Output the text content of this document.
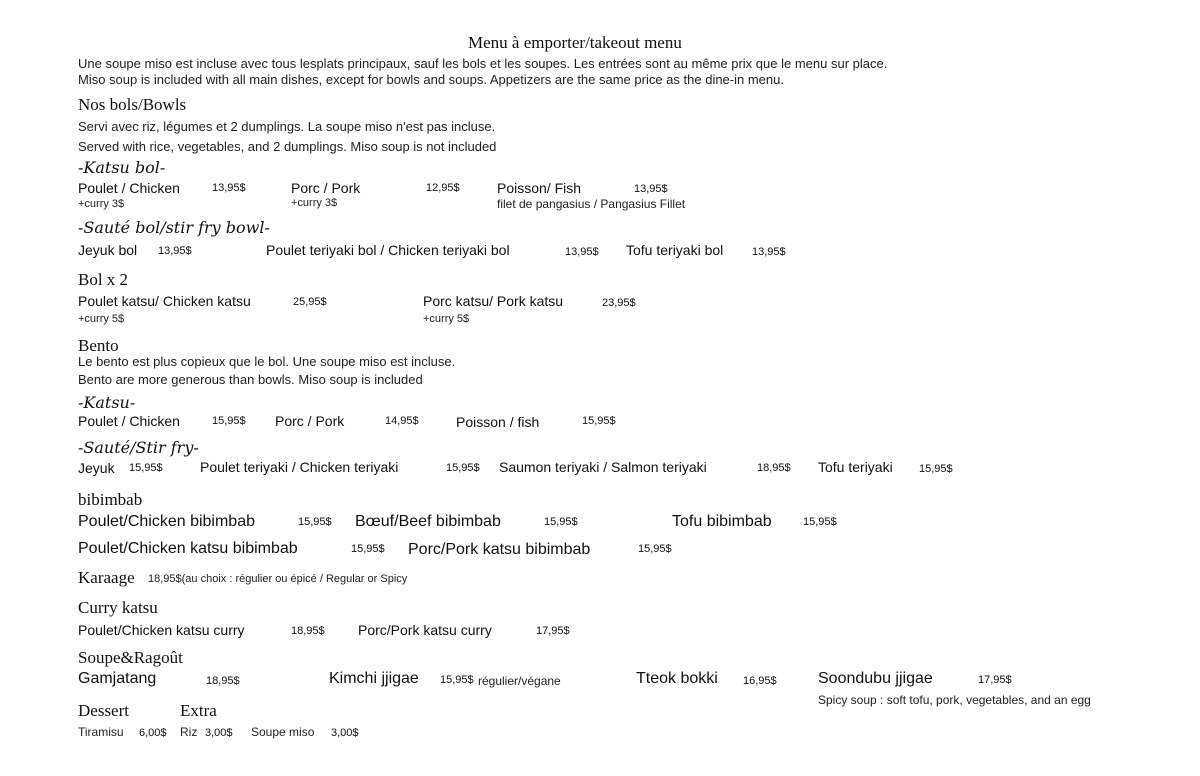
Menu à emporter/takeout menu
Une soupe miso est incluse avec tous lesplats principaux, sauf les bols et les soupes. Les entrées sont au même prix que le menu sur place.
Miso soup is included with all main dishes, except for bowls and soups. Appetizers are the same price as the dine-in menu.
Nos bols/Bowls
Servi avec riz, légumes et 2 dumplings. La soupe miso n'est pas incluse.
Served with rice, vegetables, and 2 dumplings. Miso soup is not included
-Katsu bol-
Poulet / Chicken	13,95$
+curry 3$
Porc / Pork	12,95$
+curry 3$
Poisson/ Fish	13,95$
filet de pangasius / Pangasius Fillet
-Sauté bol/stir fry bowl-
Jeyuk bol 13,95$	Poulet teriyaki bol / Chicken teriyaki bol	13,95$ Tofu teriyaki bol	13,95$
Bol x 2
Poulet katsu/ Chicken katsu	25,95$
+curry 5$
Porc katsu/ Pork katsu	23,95$
+curry 5$
Bento
Le bento est plus copieux que le bol. Une soupe miso est incluse.
Bento are more generous than bowls. Miso soup is included
-Katsu-
Poulet / Chicken	15,95$ Porc / Pork	14,95$	Poisson / fish	15,95$
-Sauté/Stir fry-
Jeyuk 15,95$	Poulet teriyaki / Chicken teriyaki	15,95$ Saumon teriyaki / Salmon teriyaki	18,95$ Tofu teriyaki 15,95$
bibimbab
Poulet/Chicken bibimbab	15,95$ Bœuf/Beef bibimbab	15,95$	Tofu bibimbab	15,95$
Poulet/Chicken katsu bibimbab	15,95$ Porc/Pork katsu bibimbab	15,95$
Karaage 18,95$(au choix : régulier ou épicé / Regular or Spicy
Curry katsu
Poulet/Chicken katsu curry	18,95$ Porc/Pork katsu curry	17,95$
Soupe&Ragoût
Gamjatang	18,95$	Kimchi jjigae 15,95$ régulier/végane	Tteok bokki 16,95$	Soondubu jjigae	17,95$
Spicy soup : soft tofu, pork, vegetables, and an egg
Dessert
Tiramisu 6,00$
Extra
Riz 3,00$ Soupe miso 3,00$
